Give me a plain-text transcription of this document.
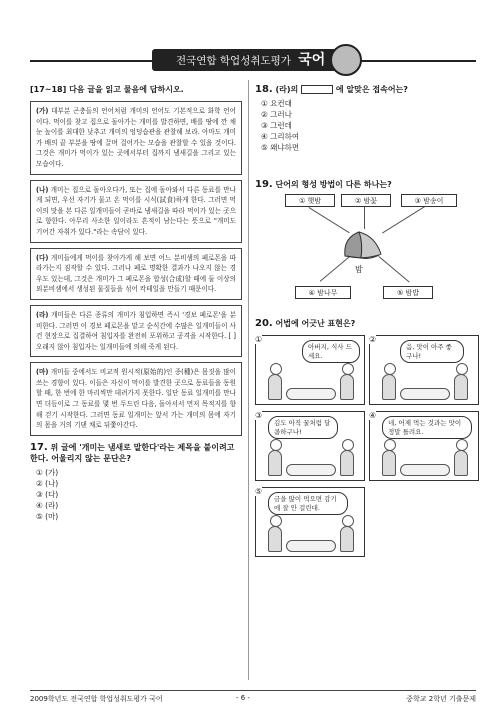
전국연합 학업성취도평가 국어
[17~18] 다음 글을 읽고 물음에 답하시오.

(가) 대부분 곤충들의 언어처럼 개미의 언어도 기본적으로 화학 언어이다. 먹이를 찾고 집으로 돌아가는 개미를 발견하면, 배를 땅에 깐 채 눈 높이를 최대한 낮추고 개미의 엉덩습관을 관찰해 보라. 아마도 개미가 배의 끝 부분을 땅에 끌며 걸어가는 모습을 관찰할 수 있을 것이다. 그것은 개미가 먹이가 있는 곳에서부터 집까지 냄새길을 그리고 있는 모습이다.

(나) 개미는 집으로 돌아오다가, 또는 집에 돌아와서 다른 동료를 만나게 되면, 우선 자기가 물고 온 먹이를 시식(試食)하게 한다. 그러면 먹이의 맛을 본 다른 일개미들이 곧바로 냄새길을 따라 먹이가 있는 곳으로 향한다. 아무리 사소한 일이라도 흔적이 남는다는 뜻으로 "개미도 기어간 자취가 있다."라는 속담이 있다.

(다) 개미들에게 먹이를 찾아가게 해 보면 어느 분비샘의 페로몬을 따라가는지 짐작할 수 있다. 그러나 페로 명확한 결과가 나오지 않는 경우도 있는데, 그것은 개미가 그 페로몬을 합성(合成)할 때에 둘 이상의 외분비샘에서 생성된 물질들을 섞어 칵테일을 만들기 때문이다.

(라) 개미들은 다른 종류의 개미가 침입하면 즉시 '경보 페로몬'을 분비한다. 그러면 이 경보 페로몬을 맡고 순식간에 수많은 일개미들이 사건 현장으로 집결하여 침입자를 완전히 포위하고 공격을 시작한다. [ ] 오래지 않아 침입자는 일개미들에 의해 죽게 된다.

(마) 개미들 중에서도 비교적 원시적(原始的)인 종(種)은 몸짓을 많이 쓰는 경향이 있다. 이들은 자신이 먹이를 발견한 곳으로 동료들을 동원할 때, 한 번에 한 마리씩만 데려가지 못한다. 일단 동료 일개미를 만나면 더듬이로 그 동료를 몇 번 두드린 다음, 돌아서서 먼저 목적지를 향해 걷기 시작한다. 그러면 동료 일개미는 앞서 가는 개미의 몸에 자기의 몸을 거의 기댄 채로 뒤쫓아간다.

17. 위 글에 '개미는 냄새로 말한다'라는 제목을 붙이려고 한다. 어울리지 않는 문단은?
① (가)
② (나)
③ (다)
④ (라)
⑤ (마)
18. (라)의	에 알맞은 접속어는?
① 요컨대
② 그러나
③ 그런데
④ 그리하여
⑤ 왜냐하면
19. 단어의 형성 방법이 다른 하나는?
① 햇밤	② 밤꽃	③ 밤송이
밤
④ 밤나무	⑤ 밤밥
20. 어법에 어긋난 표현은?
①
아버지, 식사 드세요.
②
음, 맛이 아주 좋구나!
③
김도 아직 꿀처럼 달콤하구나!
④
네, 어제 먹는 것과는 맛이 정말 틀려요.
⑤
금을 많이 먹으면 감기에 잘 안 걸린대.
2009학년도 전국연합 학업성취도평가 국어	- 6 -	중학교 2학년 기출문제
